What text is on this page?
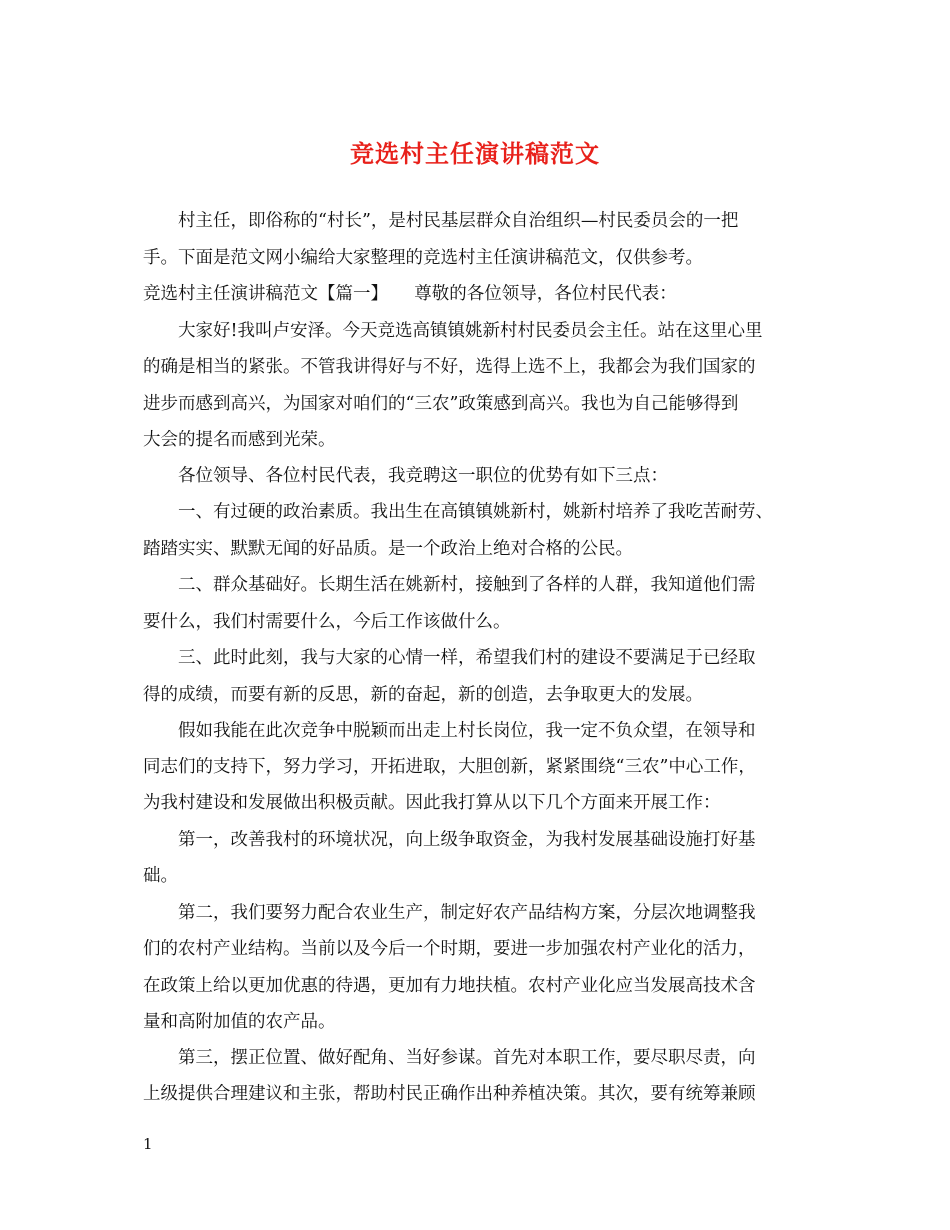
竞选村主任演讲稿范文
　　村主任，即俗称的“村长”，是村民基层群众自治组织—村民委员会的一把
手。下面是范文网小编给大家整理的竞选村主任演讲稿范文，仅供参考。
竞选村主任演讲稿范文【篇一】　　尊敬的各位领导，各位村民代表：
　　大家好!我叫卢安泽。今天竞选高镇镇姚新村村民委员会主任。站在这里心里
的确是相当的紧张。不管我讲得好与不好，选得上选不上，我都会为我们国家的
进步而感到高兴，为国家对咱们的“三农”政策感到高兴。我也为自己能够得到
大会的提名而感到光荣。
　　各位领导、各位村民代表，我竞聘这一职位的优势有如下三点：
　　一、有过硬的政治素质。我出生在高镇镇姚新村，姚新村培养了我吃苦耐劳、
踏踏实实、默默无闻的好品质。是一个政治上绝对合格的公民。
　　二、群众基础好。长期生活在姚新村，接触到了各样的人群，我知道他们需
要什么，我们村需要什么，今后工作该做什么。
　　三、此时此刻，我与大家的心情一样，希望我们村的建设不要满足于已经取
得的成绩，而要有新的反思，新的奋起，新的创造，去争取更大的发展。
　　假如我能在此次竞争中脱颖而出走上村长岗位，我一定不负众望，在领导和
同志们的支持下，努力学习，开拓进取，大胆创新，紧紧围绕“三农”中心工作，
为我村建设和发展做出积极贡献。因此我打算从以下几个方面来开展工作：
　　第一，改善我村的环境状况，向上级争取资金，为我村发展基础设施打好基
础。
　　第二，我们要努力配合农业生产，制定好农产品结构方案，分层次地调整我
们的农村产业结构。当前以及今后一个时期，要进一步加强农村产业化的活力，
在政策上给以更加优惠的待遇，更加有力地扶植。农村产业化应当发展高技术含
量和高附加值的农产品。
　　第三，摆正位置、做好配角、当好参谋。首先对本职工作，要尽职尽责，向
上级提供合理建议和主张，帮助村民正确作出种养植决策。其次，要有统筹兼顾
1
